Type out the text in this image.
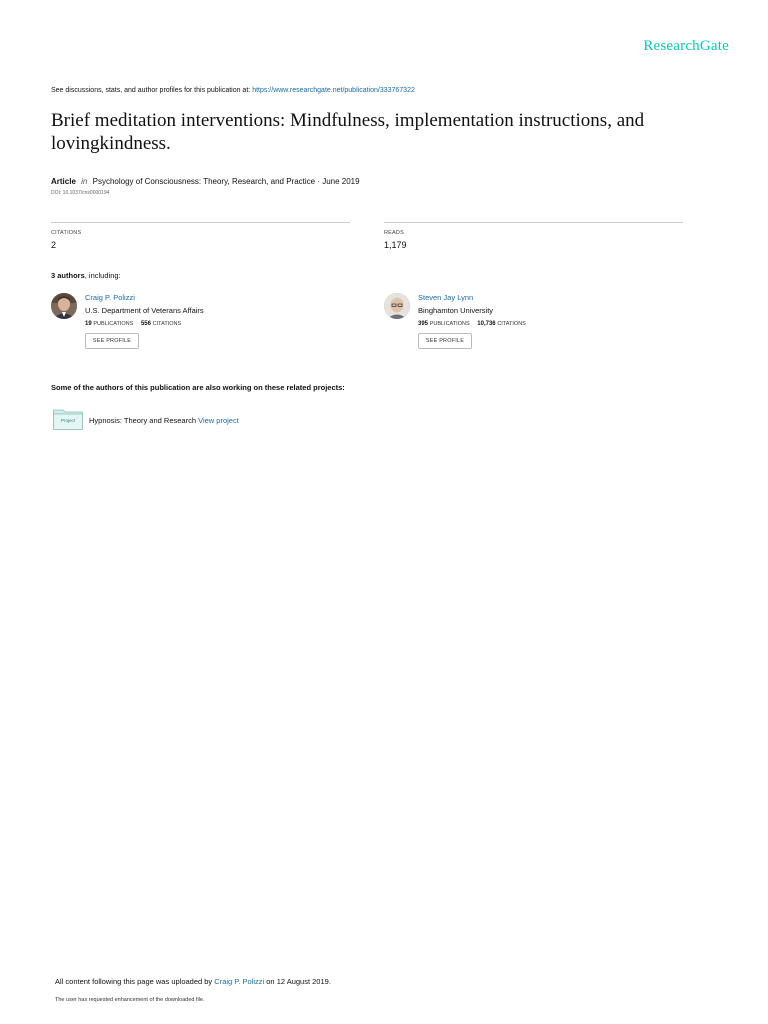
ResearchGate
See discussions, stats, and author profiles for this publication at: https://www.researchgate.net/publication/333767322
Brief meditation interventions: Mindfulness, implementation instructions, and lovingkindness.
Article in Psychology of Consciousness: Theory, Research, and Practice · June 2019
DOI: 10.1037/cns0000194
CITATIONS
2
READS
1,179
3 authors, including:
Craig P. Polizzi
U.S. Department of Veterans Affairs
19 PUBLICATIONS 556 CITATIONS
SEE PROFILE
Steven Jay Lynn
Binghamton University
395 PUBLICATIONS 10,736 CITATIONS
SEE PROFILE
Some of the authors of this publication are also working on these related projects:
Project	Hypnosis: Theory and Research View project
All content following this page was uploaded by Craig P. Polizzi on 12 August 2019.
The user has requested enhancement of the downloaded file.
